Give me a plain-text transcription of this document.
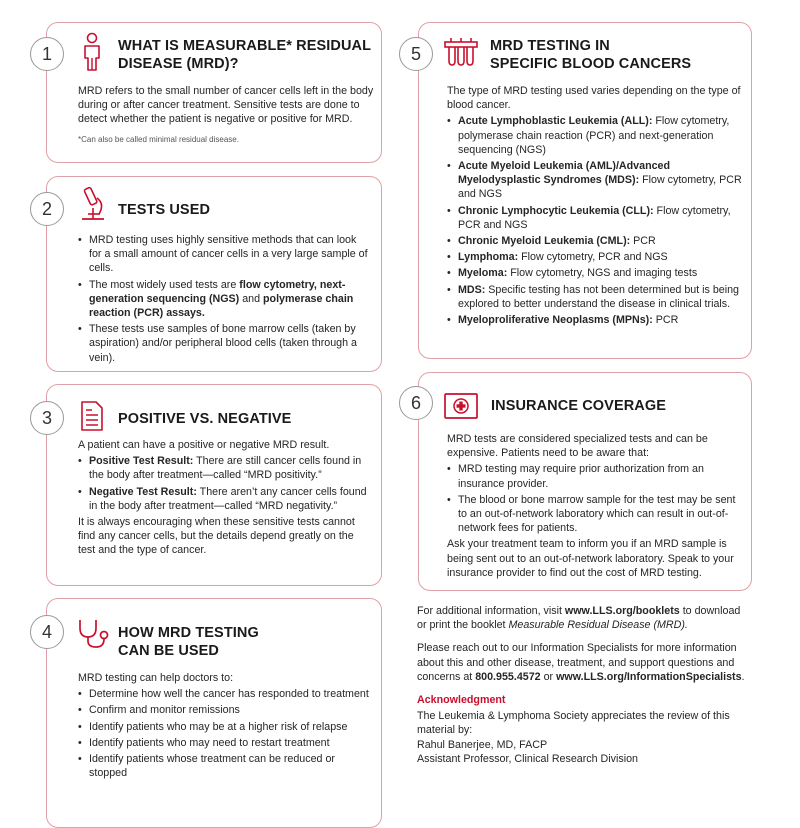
1	WHAT IS MEASURABLE* RESIDUAL
DISEASE (MRD)?

MRD refers to the small number of cancer cells left in the body during or after cancer treatment. Sensitive tests are done to detect whether the patient is negative or positive for MRD.

*Can also be called minimal residual disease.
2	TESTS USED
• MRD testing uses highly sensitive methods that can look for a small amount of cancer cells in a very large sample of cells.
• The most widely used tests are flow cytometry, next-generation sequencing (NGS) and polymerase chain reaction (PCR) assays.
• These tests use samples of bone marrow cells (taken by aspiration) and/or peripheral blood cells (taken through a vein).
3	POSITIVE VS. NEGATIVE

A patient can have a positive or negative MRD result.

• Positive Test Result: There are still cancer cells found in the body after treatment—called “MRD positivity.”
• Negative Test Result: There aren’t any cancer cells found in the body after treatment—called “MRD negativity.”

It is always encouraging when these sensitive tests cannot find any cancer cells, but the details depend greatly on the test and the type of cancer.

4	HOW MRD TESTING
CAN BE USED

MRD testing can help doctors to:

• Determine how well the cancer has responded to treatment
• Confirm and monitor remissions
• Identify patients who may be at a higher risk of relapse
• Identify patients who may need to restart treatment
• Identify patients whose treatment can be reduced or stopped
5	MRD TESTING IN
SPECIFIC BLOOD CANCERS

The type of MRD testing used varies depending on the type of blood cancer.

• Acute Lymphoblastic Leukemia (ALL): Flow cytometry, polymerase chain reaction (PCR) and next-generation sequencing (NGS)
• Acute Myeloid Leukemia (AML)/Advanced Myelodysplastic Syndromes (MDS): Flow cytometry, PCR and NGS
• Chronic Lymphocytic Leukemia (CLL): Flow cytometry, PCR and NGS
• Chronic Myeloid Leukemia (CML): PCR
• Lymphoma: Flow cytometry, PCR and NGS
• Myeloma: Flow cytometry, NGS and imaging tests
• MDS: Specific testing has not been determined but is being explored to better understand the disease in clinical trials.
• Myeloproliferative Neoplasms (MPNs): PCR
6	INSURANCE COVERAGE

MRD tests are considered specialized tests and can be expensive. Patients need to be aware that:

• MRD testing may require prior authorization from an insurance provider.
• The blood or bone marrow sample for the test may be sent to an out-of-network laboratory which can result in out-of-network fees for patients.

Ask your treatment team to inform you if an MRD sample is being sent out to an out-of-network laboratory. Speak to your insurance provider to find out the cost of MRD testing.

For additional information, visit www.LLS.org/booklets to download or print the booklet Measurable Residual Disease (MRD).

Please reach out to our Information Specialists for more information about this and other disease, treatment, and support questions and concerns at 800.955.4572 or www.LLS.org/InformationSpecialists.

Acknowledgment
The Leukemia & Lymphoma Society appreciates the review of this material by:
Rahul Banerjee, MD, FACP
Assistant Professor, Clinical Research Division
